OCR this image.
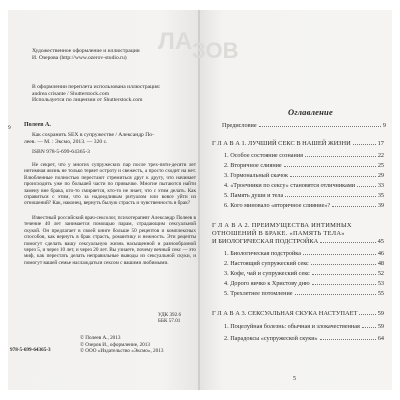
ЛА
Художественное оформление и иллюстрации
И. Озерова (http://www.ozerov-studio.ru)
В оформлении переплета использована иллюстрация:
andrea crisante / Shutterstock.com
Используется по лицензии от Shutterstock.com
9 Полеев А.
Как сохранить SEX в супружестве / Александр По-
леев. — М. : Эксмо, 2013. — 320 с.
ISBN 978-5-699-64365-3
Не секрет, что у многих супружеских пар после трех-пяти-десяти лет интимная жизнь не только теряет остроту и свежесть, а просто сходит на нет. Влюбленные полностью перестают стремиться друг к другу, что начинает происходить уже по большей части по привычке. Многие пытаются найти замену вне брака, кто-то смиряется, кто-то не знает, что с этим делать. Как справиться с этим, что за надоедливым ритуалом или вовсе уйти из отношений? Как, наконец, вернуть былую страсть и чувственность в брак?
Известный российский врач-сексолог, психотерапевт Александр Полеев в течение 40 лет занимается помощью парам, страдающим сексуальной скукой. Он предлагает в своей книге больше 50 рецептов и комплексных способов, как вернуть в брак страсть, романтику и нежность. Эти рецепты помогут сделать вашу сексуальную жизнь насыщенной и разнообразной через 5, и через 10 лет, и через 20 лет. Вы узнаете, почему вечный секс — это миф, как перестать делать неправильные выводы из сексуальной скуки, и помогут вашей семье наслаждаться сексом с вашими любимыми.
УДК 392.6
ББК 57.01
© Полеев А., 2013
© Озеров И., оформление, 2013
© ООО «Издательство «Эксмо», 2013
978-5-699-64365-3
ЗОВ
Оглавление
Предисловие	9
Г Л А В А 1. ЛУЧШИЙ СЕКС В НАШЕЙ ЖИЗНИ	17
1. Особое состояние сознания	22
2. Вторичное слияние	25
3. Гормональный скачок	29
4. «Троечники по сексу» становятся отличниками	33
5. Память души и тела	35
6. Кого миновало «вторичное слияние»?	39
Г Л А В А 2. ПРЕИМУЩЕСТВА ИНТИМНЫХ
ОТНОШЕНИЙ В БРАКЕ. «ПАМЯТЬ ТЕЛА»
И БИОЛОГИЧЕСКАЯ ПОДСТРОЙКА	45
1. Биологическая подстройка	46
2. Настоящий супружеский секс	48
3. Кофе, чай и супружеский секс	52
4. Дорого яичко к Христову дню	53
5. Трехлетнее потомление	55
Г Л А В А 3. СЕКСУАЛЬНАЯ СКУКА НАСТУПАЕТ	59
1. Поцелуйная болезнь: обычная и злокачественная	59
2. Парадоксы «супружеской скуки»	64
5
